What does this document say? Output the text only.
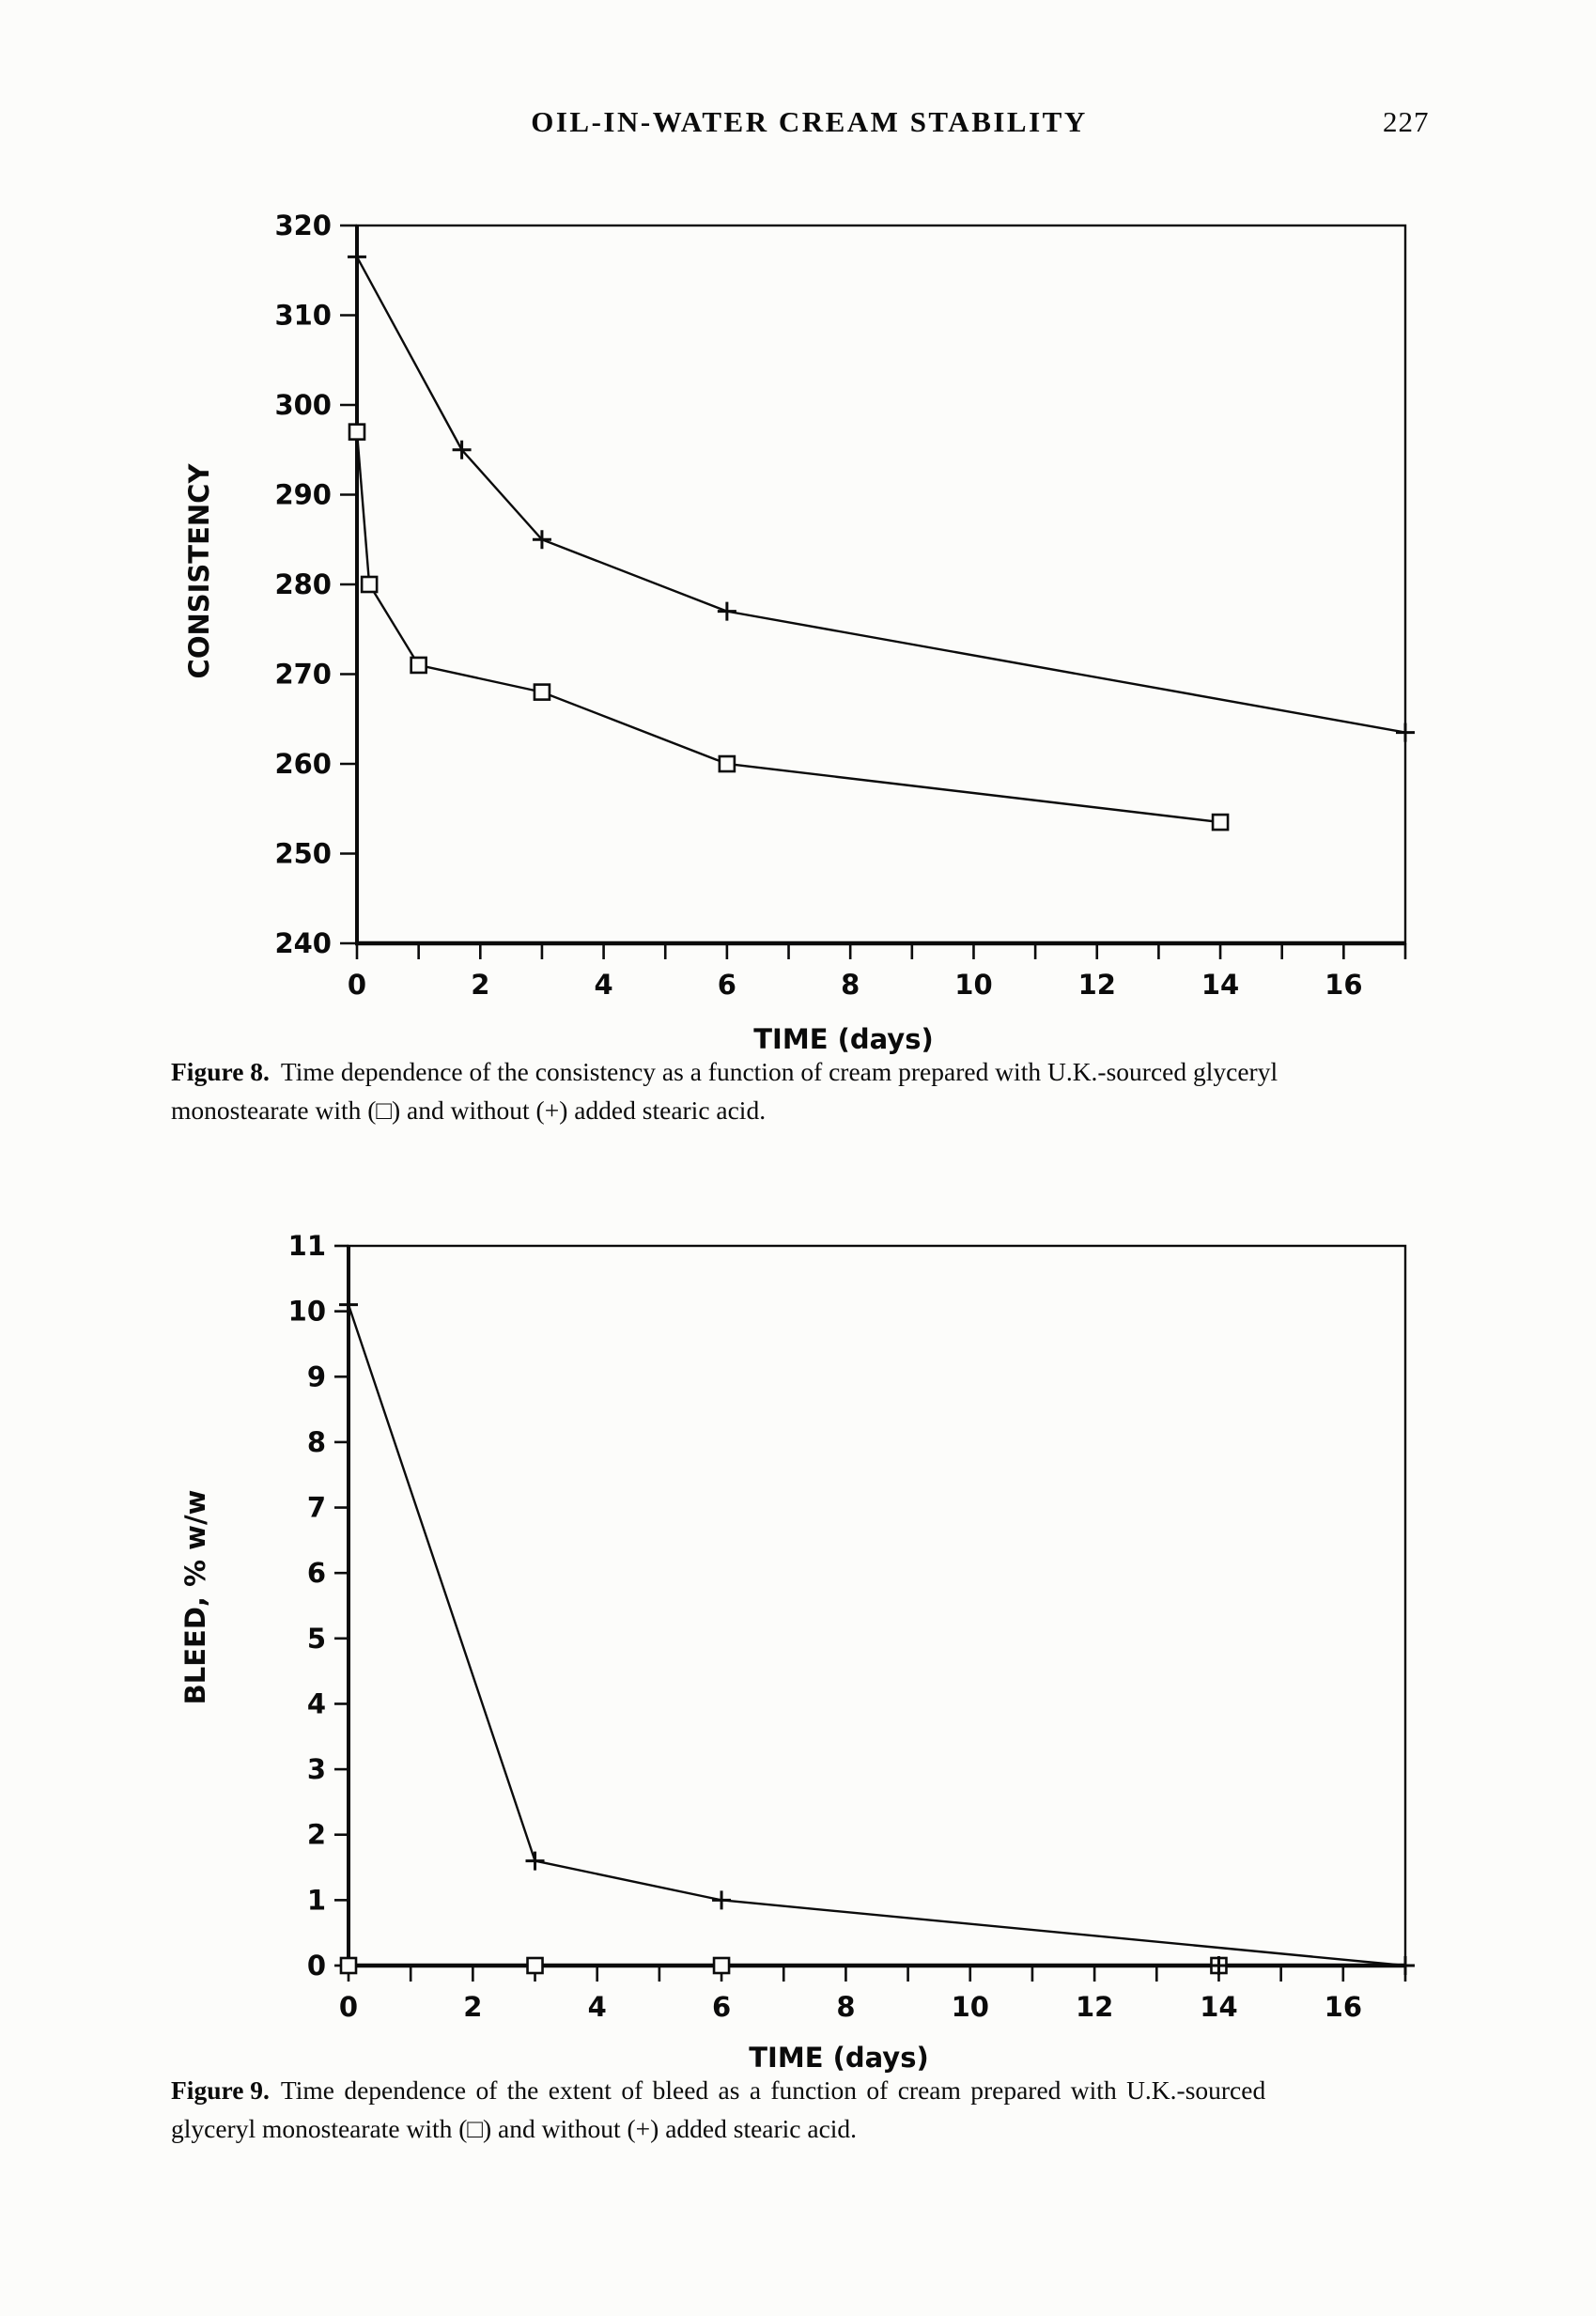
OIL-IN-WATER CREAM STABILITY	227
240
250
260
270
280
290
300
310
320
0	2	4	6	8	10	12	14	16
TIME (days)
CONSISTENCY

Figure 8. Time dependence of the consistency as a function of cream prepared with U.K.-sourced glyceryl
monostearate with (□) and without (+) added stearic acid.

0
1
2
3
4
5
6
7
8
9
10
11
0	2	4	6	8	10	12	14	16
TIME (days)
BLEED, % w/w

Figure 9. Time dependence of the extent of bleed as a function of cream prepared with U.K.-sourced
glyceryl monostearate with (□) and without (+) added stearic acid.
